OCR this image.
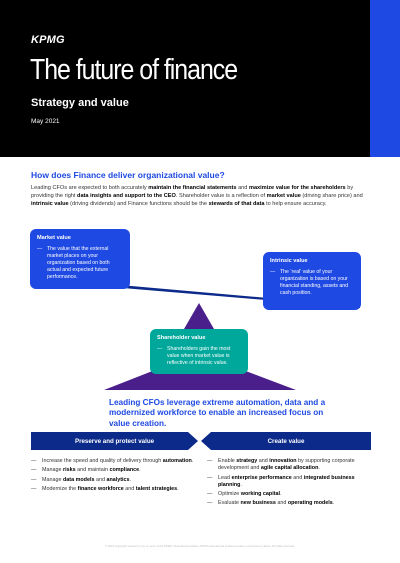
KPMG
The future of finance
Strategy and value
May 2021
How does Finance deliver organizational value?

Leading CFOs are expected to both accurately maintain the financial statements and maximize value for the shareholders by providing the right data insights and support to the CEO. Shareholder value is a reflection of market value (driving share price) and intrinsic value (driving dividends) and Finance functions should be the stewards of that data to help ensure accuracy.

Market value
— The value that the external market places on your organization based on both actual and expected future performance.
Intrinsic value
— The ‘real’ value of your organization is based on your financial standing, assets and cash position.
Shareholder value
— Shareholders gain the most value when market value is reflective of intrinsic value.
Leading CFOs leverage extreme automation, data and a modernized workforce to enable an increased focus on value creation.
Preserve and protect value	Create value
—	Increase the speed and quality of delivery through automation.
—	Manage risks and maintain compliance.
—	Manage data models and analytics.
—	Modernize the finance workforce and talent strategies.
—	Enable strategy and innovation by supporting corporate development and agile capital allocation.
—	Lead enterprise performance and integrated business planning.
—	Optimize working capital.
—	Evaluate new business and operating models.
© 2021 Copyright owned by one or more of the KPMG International entities. KPMG International entities provide no services to clients. All rights reserved.
